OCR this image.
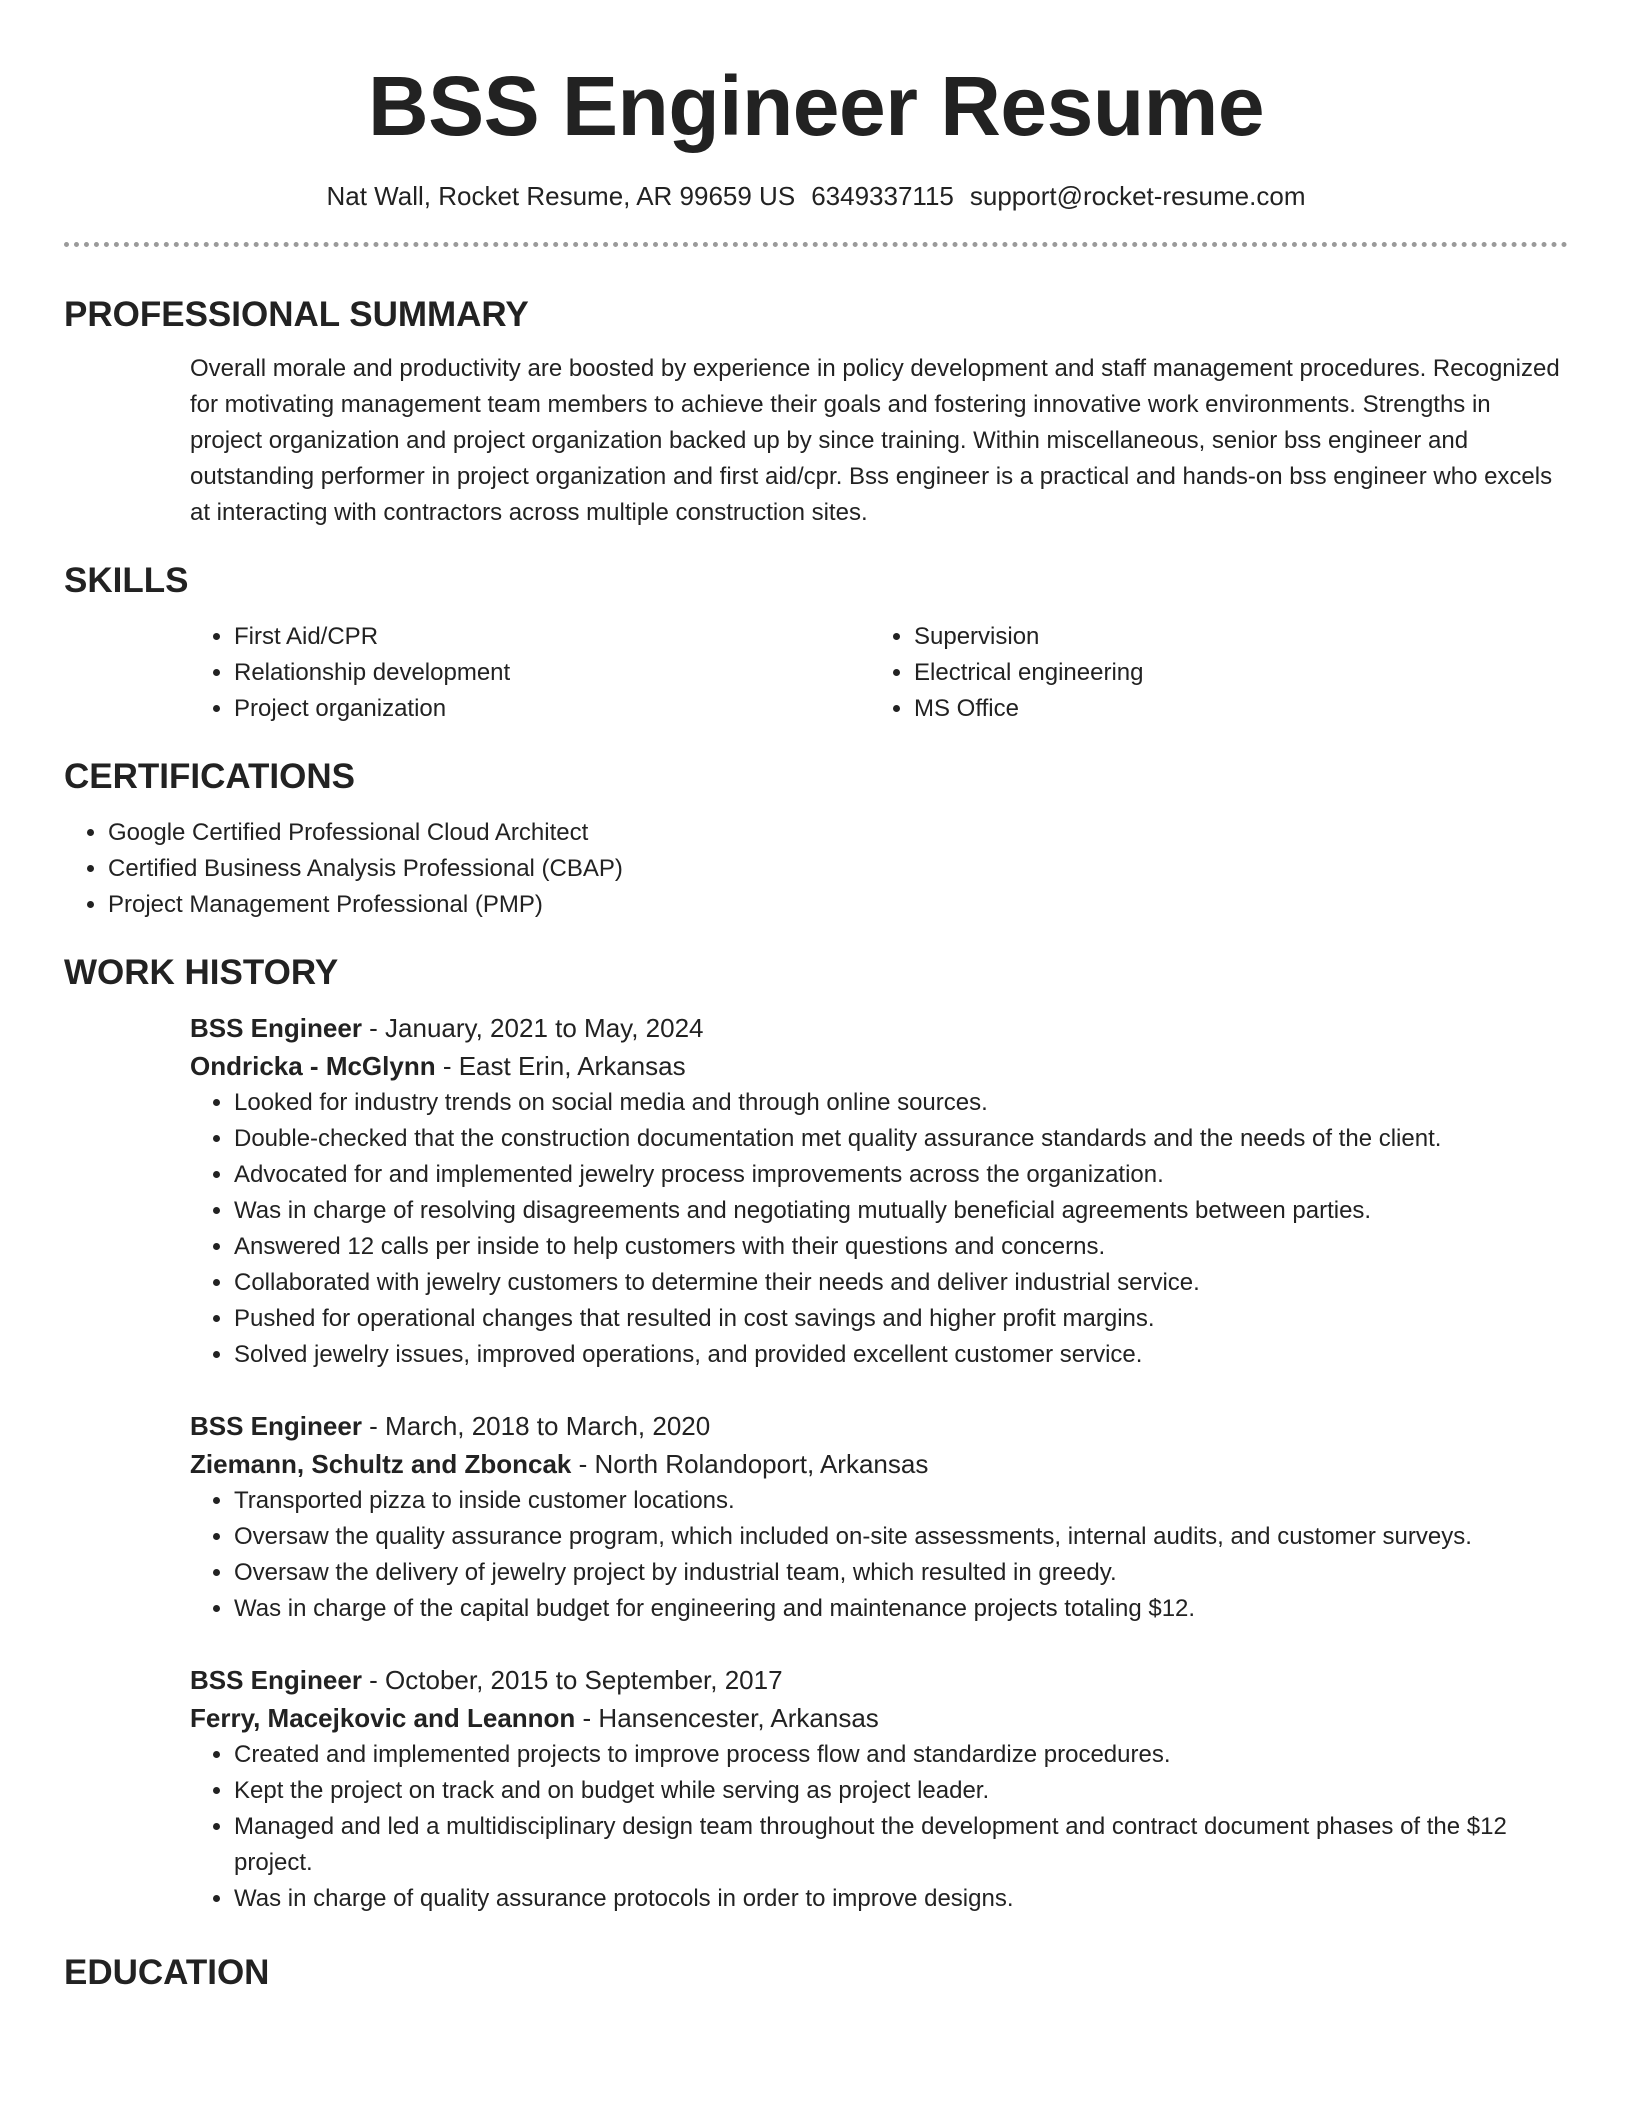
BSS Engineer Resume
Nat Wall, Rocket Resume, AR 99659 US 6349337115 support@rocket-resume.com
PROFESSIONAL SUMMARY

Overall morale and productivity are boosted by experience in policy development and staff management procedures. Recognized for motivating management team members to achieve their goals and fostering innovative work environments. Strengths in project organization and project organization backed up by since training. Within miscellaneous, senior bss engineer and outstanding performer in project organization and first aid/cpr. Bss engineer is a practical and hands-on bss engineer who excels at interacting with contractors across multiple construction sites.

SKILLS
• First Aid/CPR
• Relationship development
• Project organization
• Supervision
• Electrical engineering
• MS Office
CERTIFICATIONS
• Google Certified Professional Cloud Architect
• Certified Business Analysis Professional (CBAP)
• Project Management Professional (PMP)
WORK HISTORY
BSS Engineer - January, 2021 to May, 2024
Ondricka - McGlynn - East Erin, Arkansas
• Looked for industry trends on social media and through online sources.
• Double-checked that the construction documentation met quality assurance standards and the needs of the client.
• Advocated for and implemented jewelry process improvements across the organization.
• Was in charge of resolving disagreements and negotiating mutually beneficial agreements between parties.
• Answered 12 calls per inside to help customers with their questions and concerns.
• Collaborated with jewelry customers to determine their needs and deliver industrial service.
• Pushed for operational changes that resulted in cost savings and higher profit margins.
• Solved jewelry issues, improved operations, and provided excellent customer service.
BSS Engineer - March, 2018 to March, 2020
Ziemann, Schultz and Zboncak - North Rolandoport, Arkansas
• Transported pizza to inside customer locations.
• Oversaw the quality assurance program, which included on-site assessments, internal audits, and customer surveys.
• Oversaw the delivery of jewelry project by industrial team, which resulted in greedy.
• Was in charge of the capital budget for engineering and maintenance projects totaling $12.
BSS Engineer - October, 2015 to September, 2017
Ferry, Macejkovic and Leannon - Hansencester, Arkansas
• Created and implemented projects to improve process flow and standardize procedures.
• Kept the project on track and on budget while serving as project leader.
• Managed and led a multidisciplinary design team throughout the development and contract document phases of the $12 project.
• Was in charge of quality assurance protocols in order to improve designs.
EDUCATION
